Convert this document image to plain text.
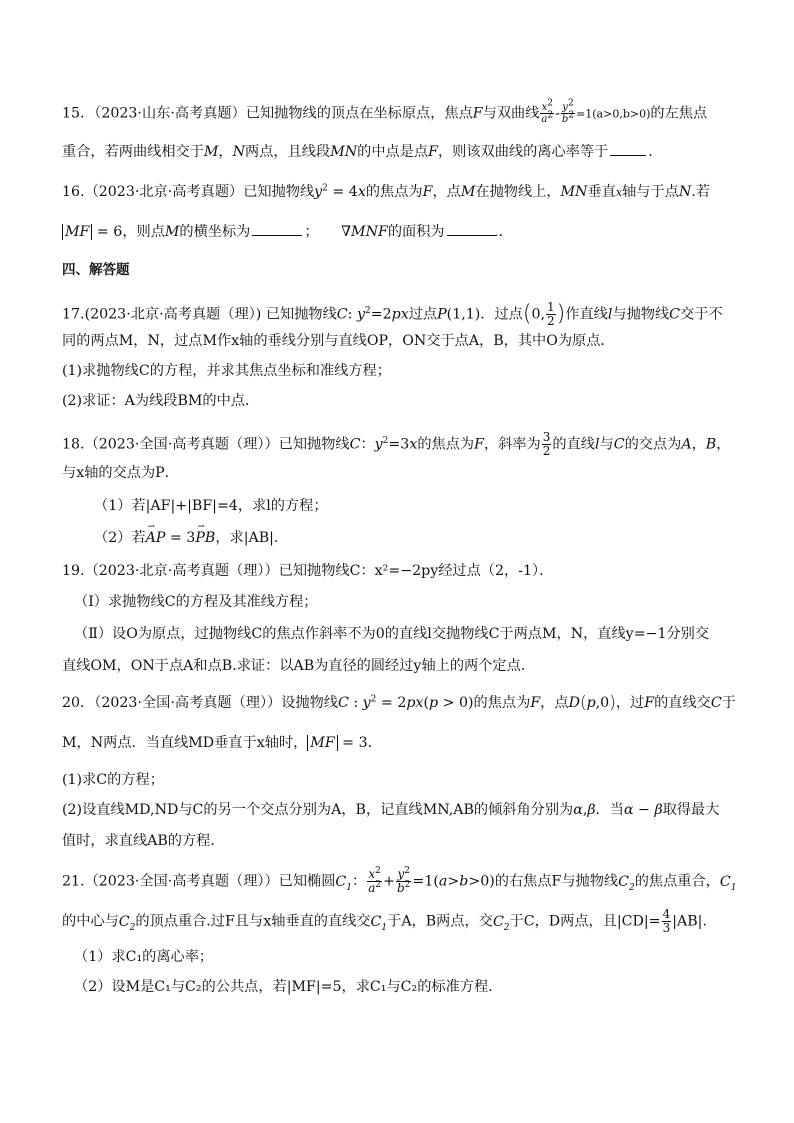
15．（2023·山东·高考真题）已知抛物线的顶点在坐标原点，焦点F与双曲线 $\frac{x^2}{a^2} - \frac{y^2}{b^2} =1(a>0,b>0)$的左焦点
重合，若两曲线相交于M，N两点，且线段MN的中点是点F，则该双曲线的离心率等于	.
16.（2023·北京·高考真题）已知抛物线$y^2 = 4x$的焦点为F，点M在抛物线上，MN垂直x轴与于点N.若
MF = 6，则点M的横坐标为	；     ∇MNF的面积为	．
四、解答题
17.(2023·北京·高考真题（理）) 已知抛物线C: $y^2=2px$过点P(1,1)．过点(0, $\frac{1}{2}$ )作直线l与抛物线C交于不
同的两点M，N，过点M作x轴的垂线分别与直线OP，ON交于点A，B，其中O为原点．
(1)求抛物线C的方程，并求其焦点坐标和准线方程；
(2)求证：A为线段BM的中点．
18.（2023·全国·高考真题（理））已知抛物线C：$y^2=3x$的焦点为F，斜率为 $\frac{3}{2}$ 的直线l与C的交点为A，B，
与x轴的交点为P．
（1）若|AF|+|BF|=4，求l的方程；
（2）若⇀ AP = 3⇀ PB，求|AB|.
19.（2023·北京·高考真题（理））已知抛物线C：x²=−2py经过点（2，-1）．
（Ⅰ）求抛物线C的方程及其准线方程；
（Ⅱ）设O为原点，过抛物线C的焦点作斜率不为0的直线l交抛物线C于两点M，N，直线y=−1分别交
直线OM，ON于点A和点B.求证：以AB为直径的圆经过y轴上的两个定点.
20．（2023·全国·高考真题（理））设抛物线C : $y^2 = 2px(p > 0)$的焦点为F，点D(p,0)，过F的直线交C于
M，N两点．当直线MD垂直于x轴时， MF = 3．
(1)求C的方程；
(2)设直线MD,ND与C的另一个交点分别为A，B，记直线MN,AB的倾斜角分别为α,β．当α − β取得最大
值时，求直线AB的方程．
21.（2023·全国·高考真题（理））已知椭圆$C_1$： $\frac{x^2}{a^2} + \frac{y^2}{b^2} =1(a>b>0)$的右焦点F与抛物线$C_2$的焦点重合，$C_1$
的中心与$C_2$的顶点重合.过F且与x轴垂直的直线交$C_1$于A，B两点，交$C_2$于C，D两点，且$|CD|= \frac{4}{3} |AB|$.
（1）求C₁的离心率；
（2）设M是C₁与C₂的公共点，若|MF|=5，求C₁与C₂的标准方程.
